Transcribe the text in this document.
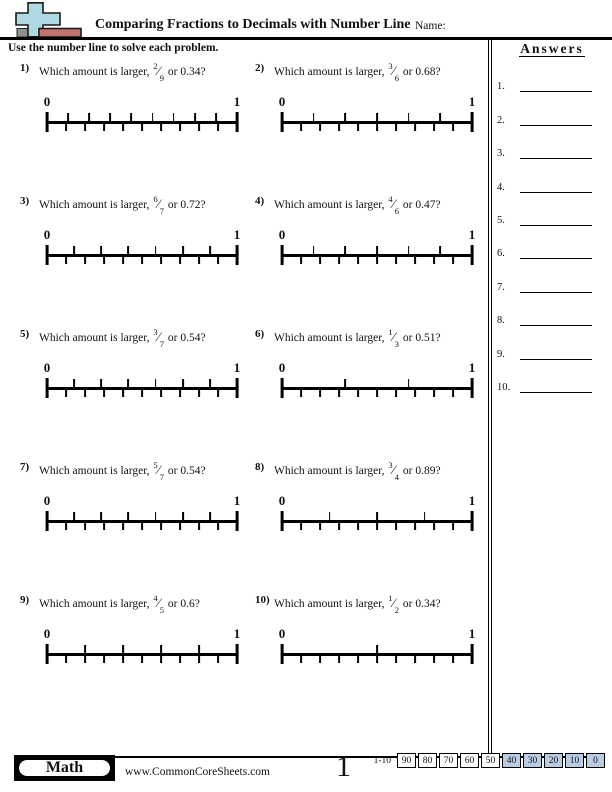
Comparing Fractions to Decimals with Number Line Name:
Use the number line to solve each problem.	Answers
1.
2.
3.
4.
5.
6.
7.
8.
9.
10.
1) Which amount is larger, $^2⁄_9$ or 0.34?
0	1
2) Which amount is larger, $^3⁄_6$ or 0.68?
0	1
3) Which amount is larger, $^6⁄_7$ or 0.72?
0	1
4) Which amount is larger, $^4⁄_6$ or 0.47?
0	1
5) Which amount is larger, $^3⁄_7$ or 0.54?
0	1
6) Which amount is larger, $^1⁄_3$ or 0.51?
0	1
7) Which amount is larger, $^5⁄_7$ or 0.54?
0	1
8) Which amount is larger, $^3⁄_4$ or 0.89?
0	1
9) Which amount is larger, $^4⁄_5$ or 0.6?
0	1
10) Which amount is larger, $^1⁄_2$ or 0.34?
0	1
Math	www.CommonCoreSheets.com 1 1-10	90	80	70	60	50	40	30	20	10	0
